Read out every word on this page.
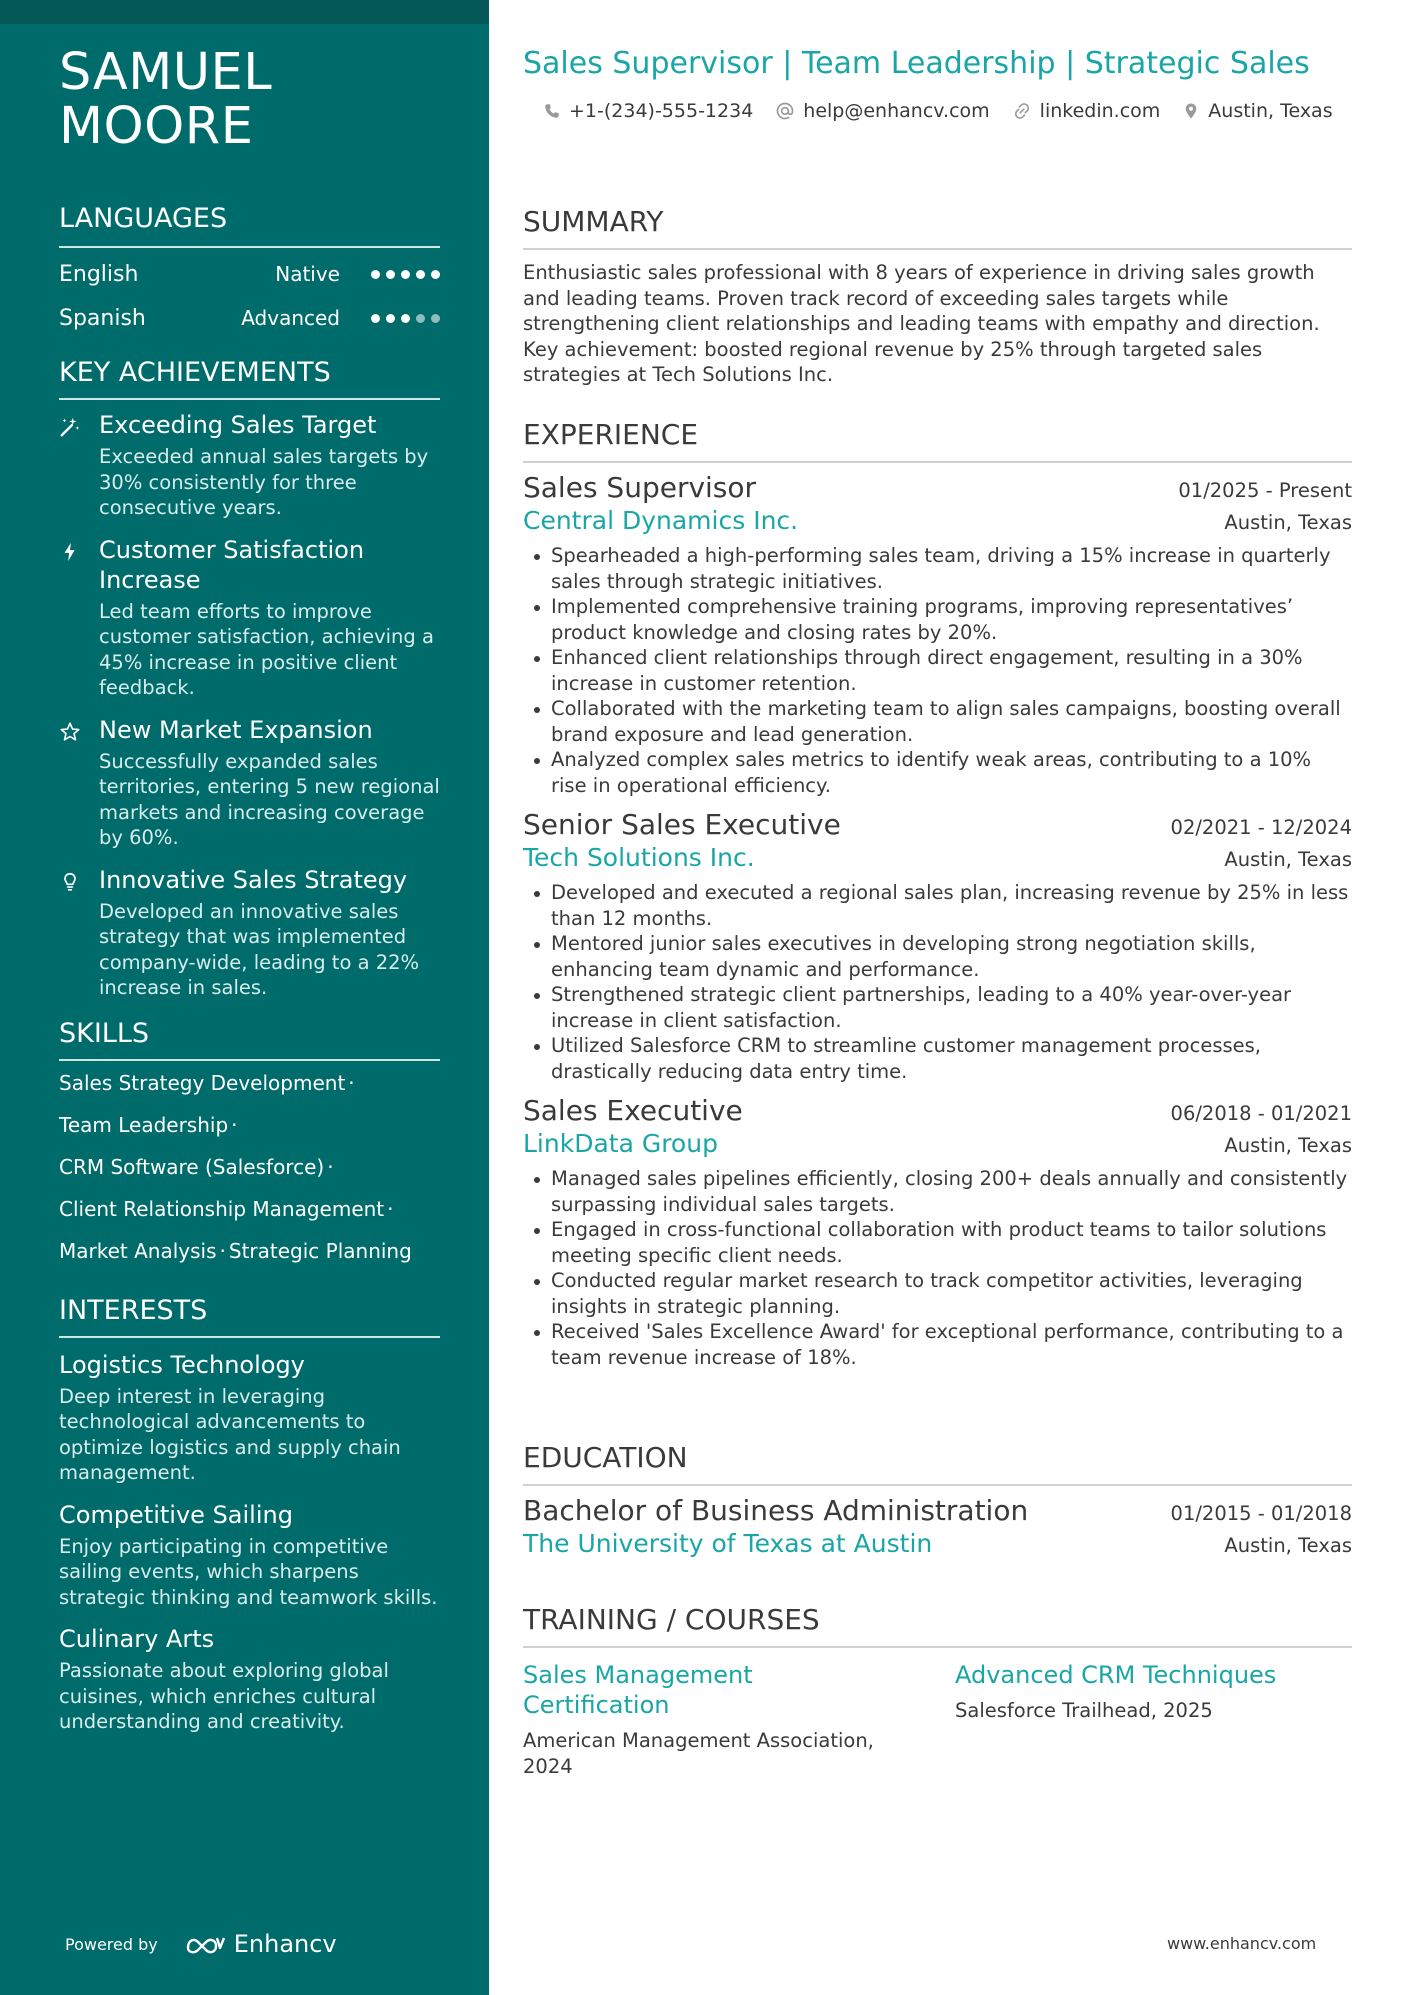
SAMUEL
MOORE
LANGUAGES
English	Native
Spanish	Advanced
KEY ACHIEVEMENTS
Exceeding Sales Target
Exceeded annual sales targets by 30% consistently for three consecutive years.
Customer Satisfaction Increase
Led team efforts to improve customer satisfaction, achieving a 45% increase in positive client feedback.
New Market Expansion
Successfully expanded sales territories, entering 5 new regional markets and increasing coverage by 60%.
Innovative Sales Strategy
Developed an innovative sales strategy that was implemented company-wide, leading to a 22% increase in sales.
SKILLS
Sales Strategy Development ·
Team Leadership ·
CRM Software (Salesforce) ·
Client Relationship Management ·
Market Analysis · Strategic Planning
INTERESTS
Logistics Technology
Deep interest in leveraging technological advancements to optimize logistics and supply chain management.
Competitive Sailing
Enjoy participating in competitive sailing events, which sharpens strategic thinking and teamwork skills.
Culinary Arts
Passionate about exploring global cuisines, which enriches cultural understanding and creativity.
Powered by	Enhancv
Sales Supervisor | Team Leadership | Strategic Sales
+1-(234)-555-1234	help@enhancv.com	linkedin.com	Austin, Texas
SUMMARY
Enthusiastic sales professional with 8 years of experience in driving sales growth and leading teams. Proven track record of exceeding sales targets while strengthening client relationships and leading teams with empathy and direction. Key achievement: boosted regional revenue by 25% through targeted sales strategies at Tech Solutions Inc.
EXPERIENCE
Sales Supervisor	01/2025 - Present
Central Dynamics Inc.	Austin, Texas
Spearheaded a high-performing sales team, driving a 15% increase in quarterly sales through strategic initiatives.
Implemented comprehensive training programs, improving representatives’ product knowledge and closing rates by 20%.
Enhanced client relationships through direct engagement, resulting in a 30% increase in customer retention.
Collaborated with the marketing team to align sales campaigns, boosting overall brand exposure and lead generation.
Analyzed complex sales metrics to identify weak areas, contributing to a 10% rise in operational efficiency.
Senior Sales Executive	02/2021 - 12/2024
Tech Solutions Inc.	Austin, Texas
Developed and executed a regional sales plan, increasing revenue by 25% in less than 12 months.
Mentored junior sales executives in developing strong negotiation skills, enhancing team dynamic and performance.
Strengthened strategic client partnerships, leading to a 40% year-over-year increase in client satisfaction.
Utilized Salesforce CRM to streamline customer management processes, drastically reducing data entry time.
Sales Executive	06/2018 - 01/2021
LinkData Group	Austin, Texas
Managed sales pipelines efficiently, closing 200+ deals annually and consistently surpassing individual sales targets.
Engaged in cross-functional collaboration with product teams to tailor solutions meeting specific client needs.
Conducted regular market research to track competitor activities, leveraging insights in strategic planning.
Received 'Sales Excellence Award' for exceptional performance, contributing to a team revenue increase of 18%.
EDUCATION
Bachelor of Business Administration	01/2015 - 01/2018
The University of Texas at Austin	Austin, Texas
TRAINING / COURSES
Sales Management Certification
American Management Association, 2024
Advanced CRM Techniques
Salesforce Trailhead, 2025
www.enhancv.com
